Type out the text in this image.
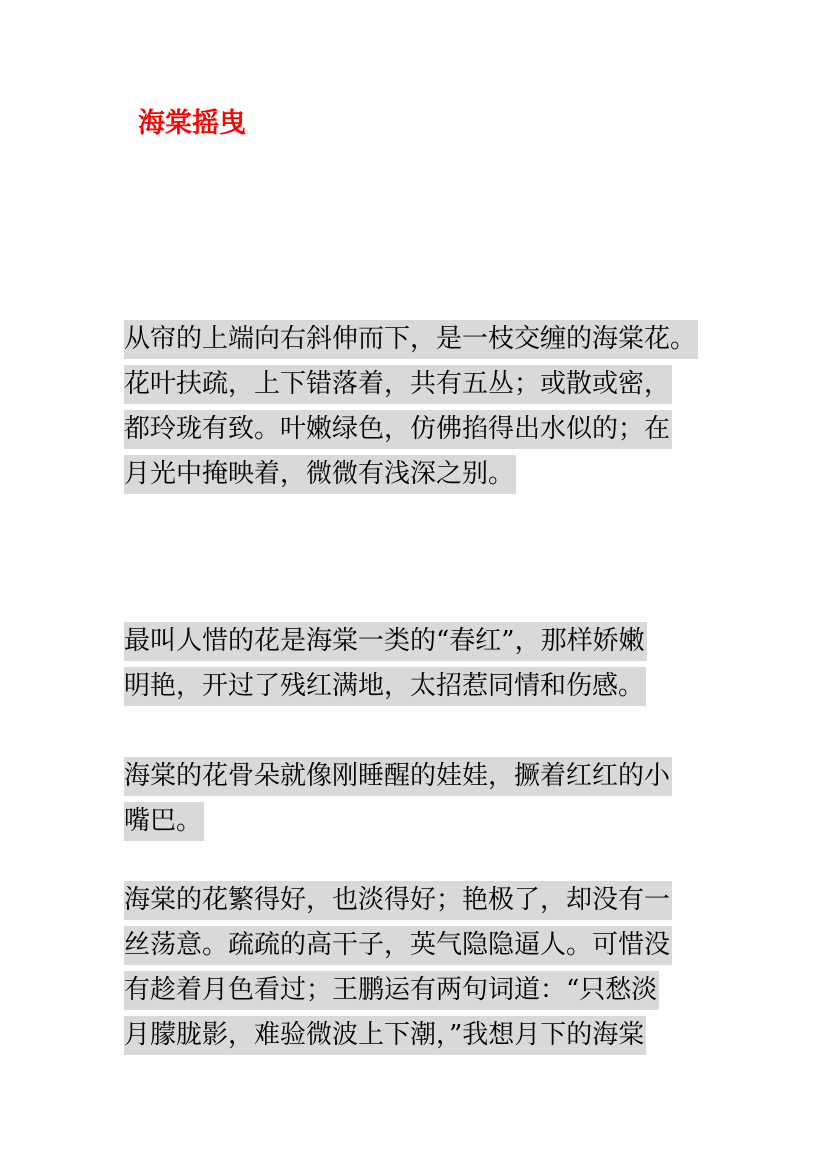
海棠摇曳
从帘的上端向右斜伸而下，是一枝交缠的海棠花。
花叶扶疏，上下错落着，共有五丛；或散或密，
都玲珑有致。叶嫩绿色，仿佛掐得出水似的；在
月光中掩映着，微微有浅深之别。
最叫人惜的花是海棠一类的“春红”，那样娇嫩
明艳，开过了残红满地，太招惹同情和伤感。
海棠的花骨朵就像刚睡醒的娃娃，撅着红红的小
嘴巴。
海棠的花繁得好，也淡得好；艳极了，却没有一
丝荡意。疏疏的高干子，英气隐隐逼人。可惜没
有趁着月色看过；王鹏运有两句词道：“只愁淡
月朦胧影，难验微波上下潮，”我想月下的海棠
